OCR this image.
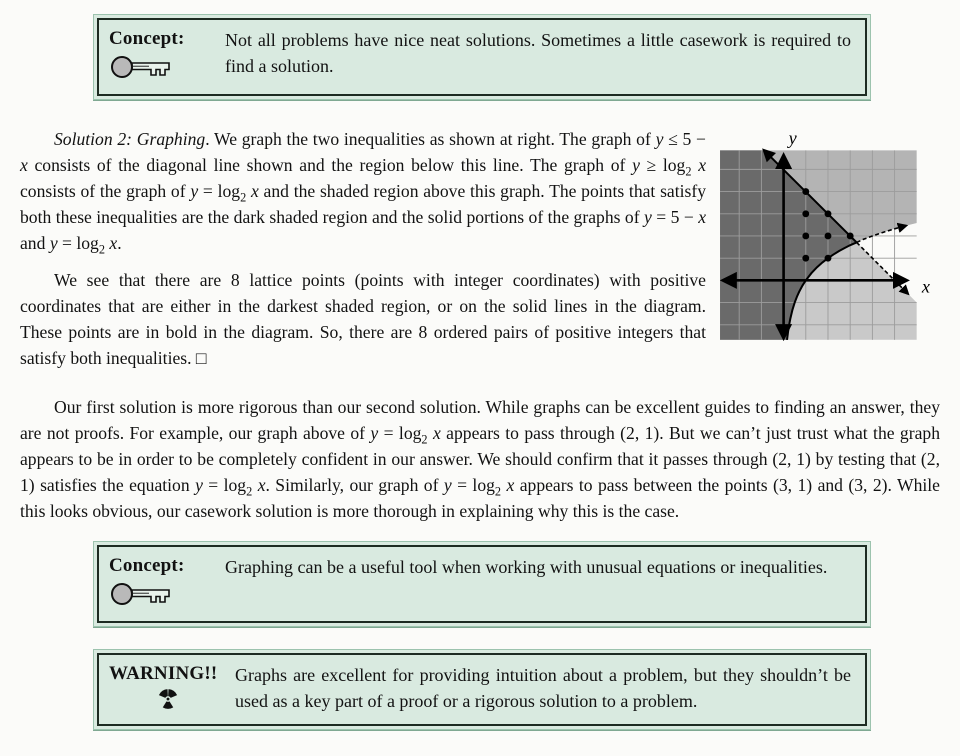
Concept:	Not all problems have nice neat solutions. Sometimes a little casework is required to find a solution.
y
x

Solution 2: Graphing. We graph the two inequalities as shown at right. The graph of y ≤ 5 − x consists of the diagonal line shown and the region below this line. The graph of $y \ge \log_2 x$ consists of the graph of $y = \log_2 x$ and the shaded region above this graph. The points that satisfy both these inequalities are the dark shaded region and the solid portions of the graphs of y = 5 − x and $y = \log_2 x$.

We see that there are 8 lattice points (points with integer coordinates) with positive coordinates that are either in the darkest shaded region, or on the solid lines in the diagram. These points are in bold in the diagram. So, there are 8 ordered pairs of positive integers that satisfy both inequalities. □

Our first solution is more rigorous than our second solution. While graphs can be excellent guides to finding an answer, they are not proofs. For example, our graph above of $y = \log_2 x$ appears to pass through (2, 1). But we can’t just trust what the graph appears to be in order to be completely confident in our answer. We should confirm that it passes through (2, 1) by testing that (2, 1) satisfies the equation $y = \log_2 x$. Similarly, our graph of $y = \log_2 x$ appears to pass between the points (3, 1) and (3, 2). While this looks obvious, our casework solution is more thorough in explaining why this is the case.

Concept:	Graphing can be a useful tool when working with unusual equations or inequalities.
WARNING!! Graphs are excellent for providing intuition about a problem, but they shouldn’t be used as a key part of a proof or a rigorous solution to a problem.
